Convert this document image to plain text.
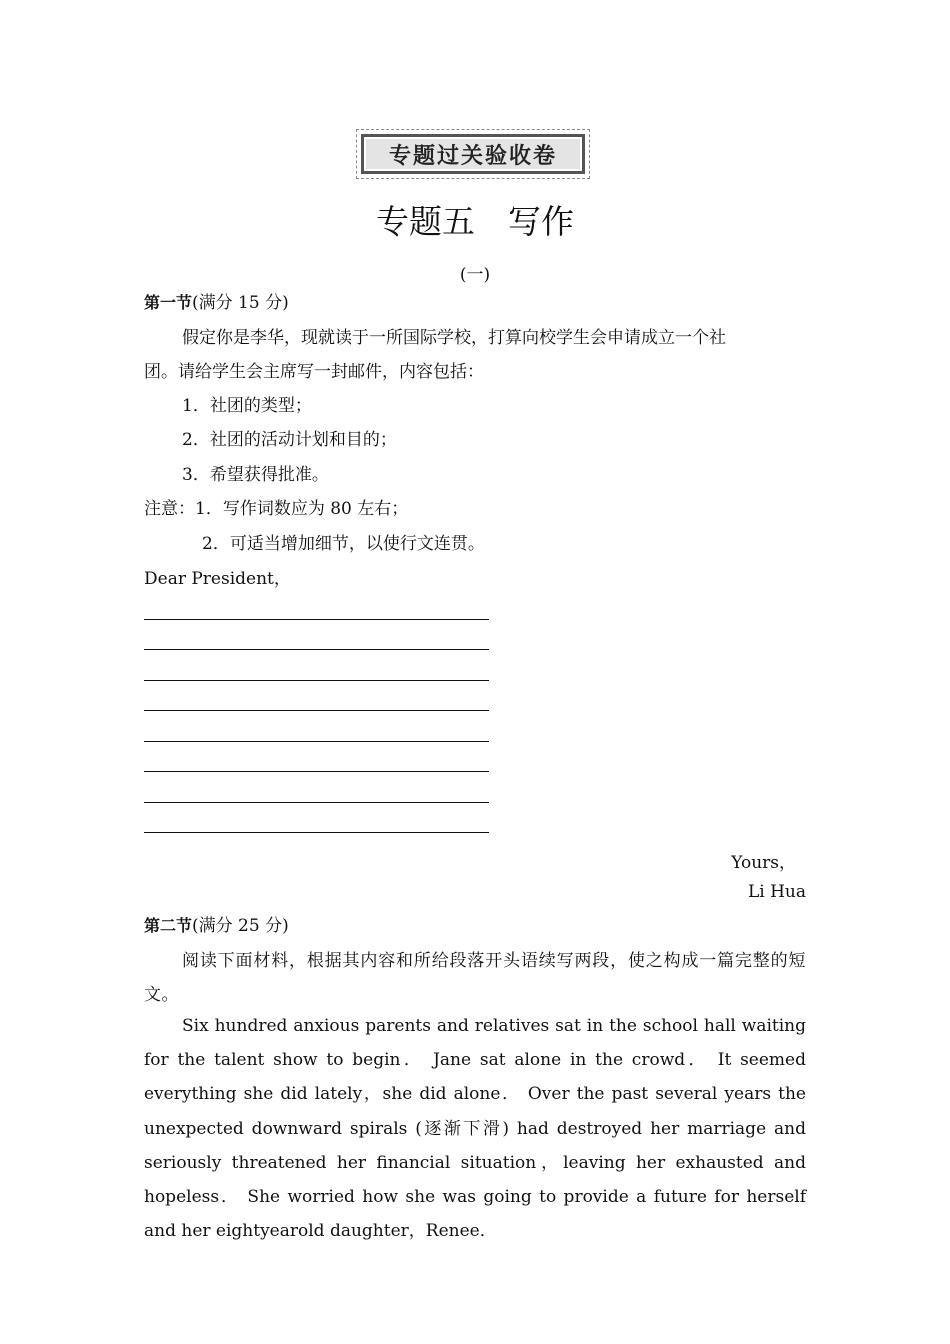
专题过关验收卷
专题五　写作
(一)
第一节(满分 15 分)
假定你是李华，现就读于一所国际学校，打算向校学生会申请成立一个社
团。请给学生会主席写一封邮件，内容包括：
1．社团的类型；
2．社团的活动计划和目的；
3．希望获得批准。
注意：1．写作词数应为 80 左右；
2．可适当增加细节，以使行文连贯。
Dear President，
Yours，
Li Hua
第二节(满分 25 分)
阅读下面材料，根据其内容和所给段落开头语续写两段，使之构成一篇完整的短文。
Six hundred anxious parents and relatives sat in the school hall waiting for the talent show to begin． Jane sat alone in the crowd． It seemed everything she did lately，she did alone． Over the past several years the unexpected downward spirals (逐渐下滑) had destroyed her marriage and seriously threatened her financial situation，leaving her exhausted and hopeless． She worried how she was going to provide a future for herself and her eightyearold daughter，Renee．
